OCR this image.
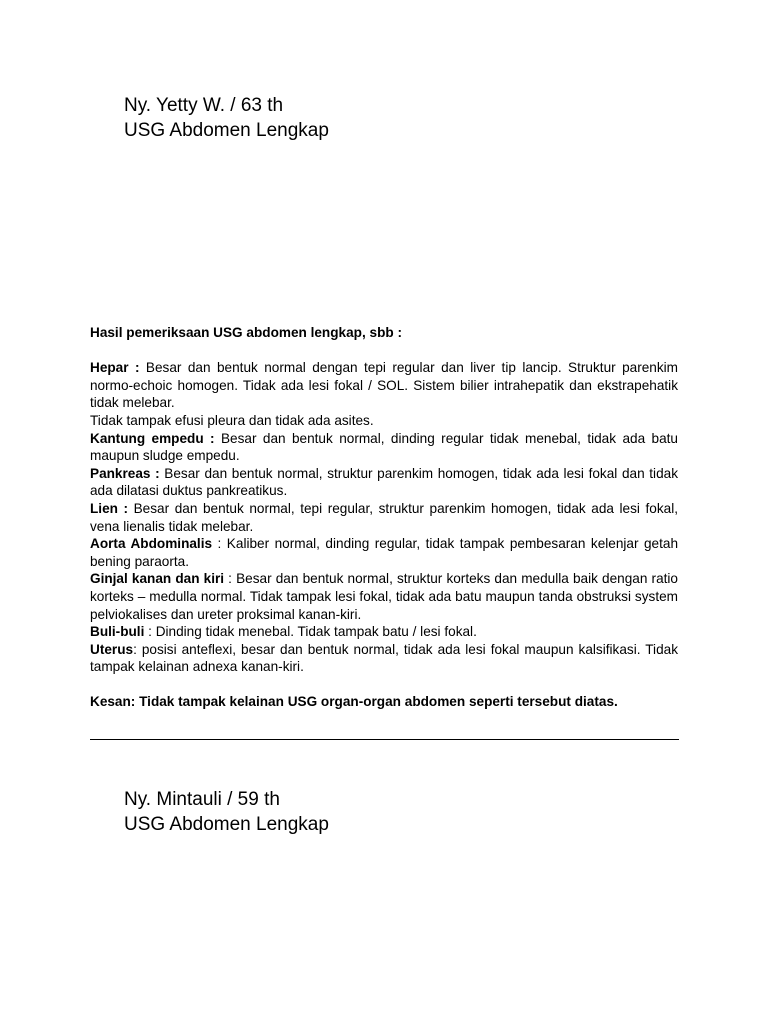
Ny. Yetty W. / 63 th
USG Abdomen Lengkap

Hasil pemeriksaan USG abdomen lengkap, sbb :

Hepar : Besar dan bentuk normal dengan tepi regular dan liver tip lancip. Struktur parenkim normo-echoic homogen. Tidak ada lesi fokal / SOL. Sistem bilier intrahepatik dan ekstrapehatik tidak melebar.

Tidak tampak efusi pleura dan tidak ada asites.

Kantung empedu : Besar dan bentuk normal, dinding regular tidak menebal, tidak ada batu maupun sludge empedu.

Pankreas : Besar dan bentuk normal, struktur parenkim homogen, tidak ada lesi fokal dan tidak ada dilatasi duktus pankreatikus.

Lien : Besar dan bentuk normal, tepi regular, struktur parenkim homogen, tidak ada lesi fokal, vena lienalis tidak melebar.

Aorta Abdominalis : Kaliber normal, dinding regular, tidak tampak pembesaran kelenjar getah bening paraorta.

Ginjal kanan dan kiri : Besar dan bentuk normal, struktur korteks dan medulla baik dengan ratio korteks – medulla normal. Tidak tampak lesi fokal, tidak ada batu maupun tanda obstruksi system pelviokalises dan ureter proksimal kanan-kiri.

Buli-buli : Dinding tidak menebal. Tidak tampak batu / lesi fokal.

Uterus: posisi anteflexi, besar dan bentuk normal, tidak ada lesi fokal maupun kalsifikasi. Tidak tampak kelainan adnexa kanan-kiri.

Kesan: Tidak tampak kelainan USG organ-organ abdomen seperti tersebut diatas.

Ny. Mintauli / 59 th
USG Abdomen Lengkap
